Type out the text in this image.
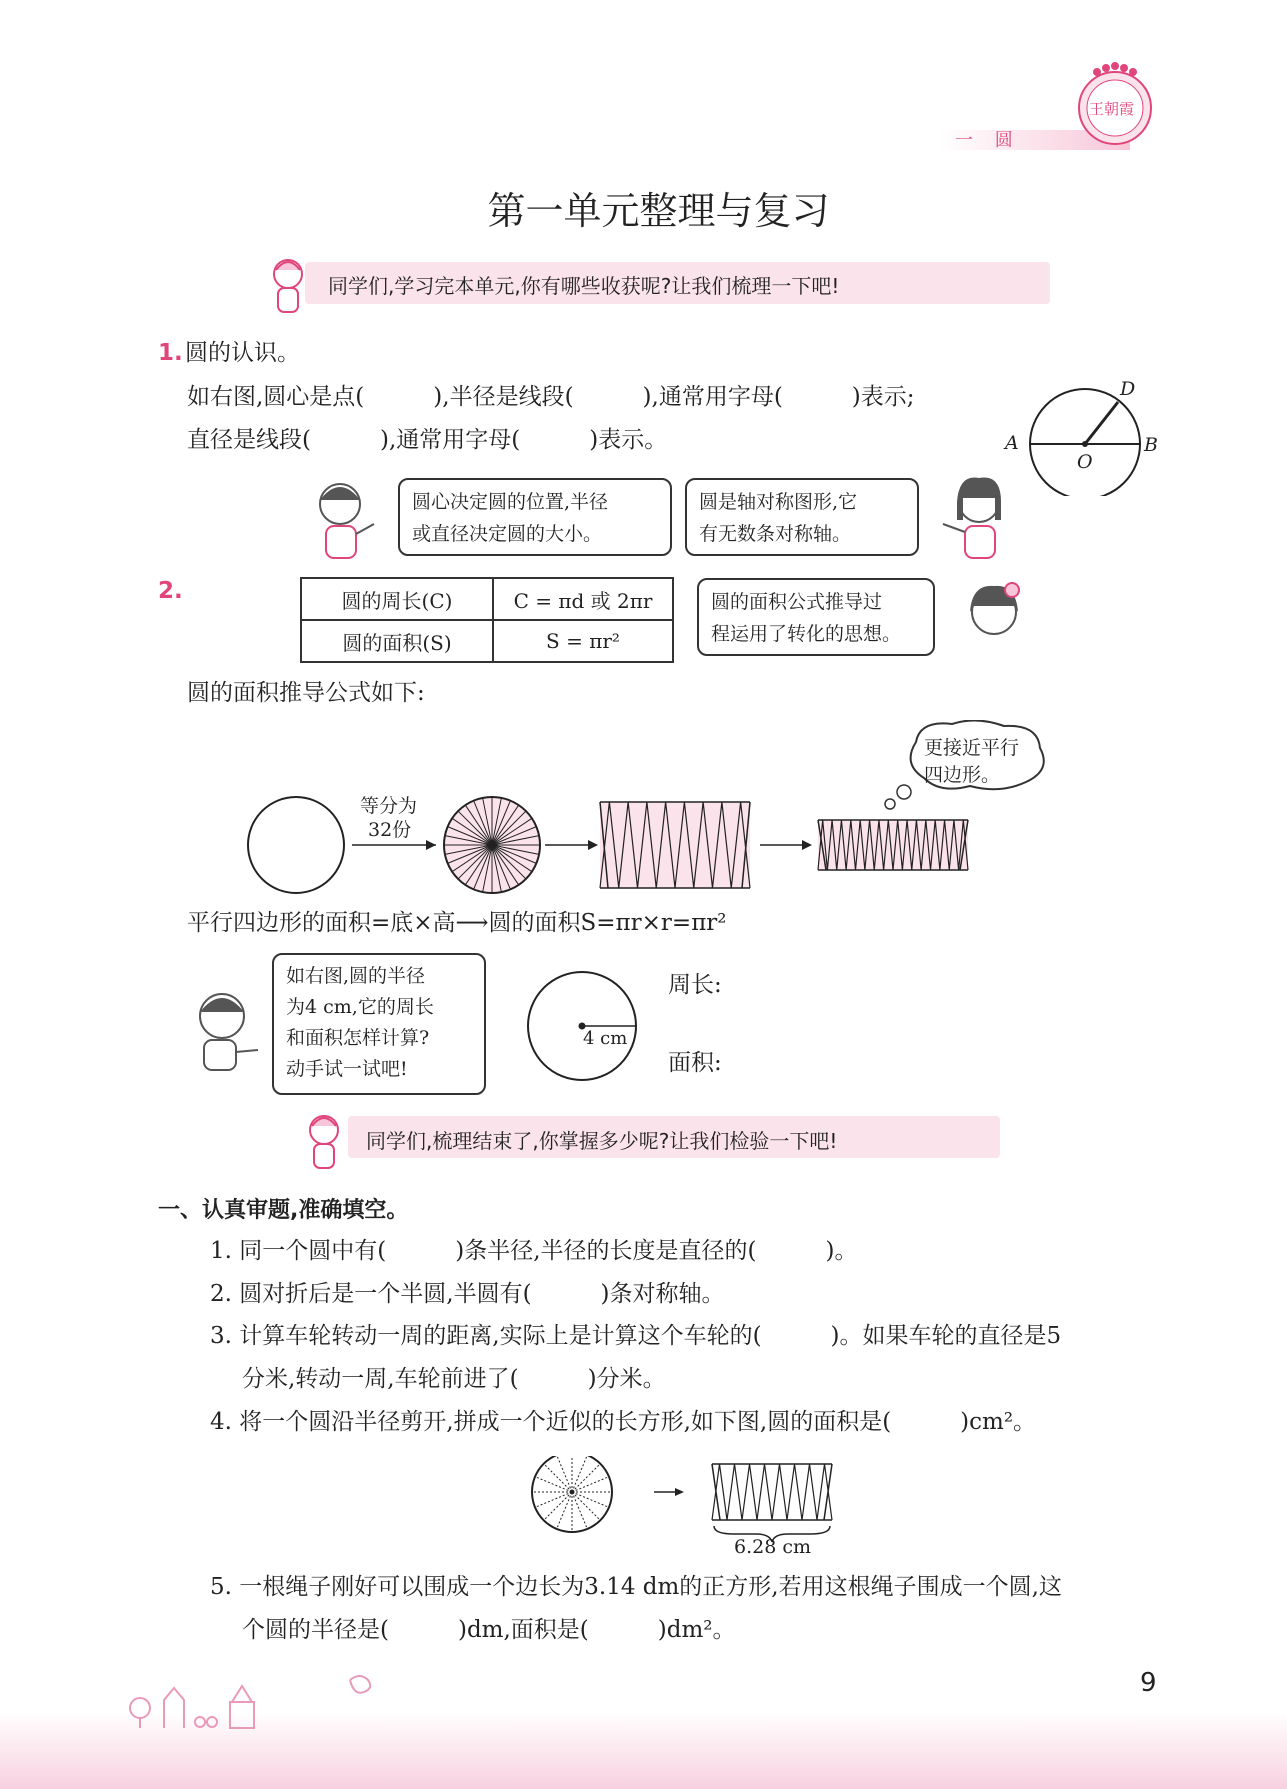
一 圆
王朝霞
第一单元整理与复习
同学们,学习完本单元,你有哪些收获呢?让我们梳理一下吧!
1. 圆的认识。
如右图,圆心是点(　　　),半径是线段(　　　),通常用字母(　　　)表示;
直径是线段(　　　),通常用字母(　　　)表示。	A	B
D
O
圆心决定圆的位置,半径
或直径决定圆的大小。
圆是轴对称图形,它
有无数条对称轴。
2.	圆的周长(C)	C = πd 或 2πr
圆的面积(S)	S = πr²
圆的面积公式推导过
程运用了转化的思想。
圆的面积推导公式如下:
等分为
32份
更接近平行
四边形。
平行四边形的面积=底×高⟶圆的面积S=πr×r=πr²
如右图,圆的半径
为4 cm,它的周长
和面积怎样计算?
动手试一试吧!
4 cm
周长:
面积:
同学们,梳理结束了,你掌握多少呢?让我们检验一下吧!
一、认真审题,准确填空。
1. 同一个圆中有(　　　)条半径,半径的长度是直径的(　　　)。
2. 圆对折后是一个半圆,半圆有(　　　)条对称轴。
3. 计算车轮转动一周的距离,实际上是计算这个车轮的(　　　)。如果车轮的直径是5
分米,转动一周,车轮前进了(　　　)分米。
4. 将一个圆沿半径剪开,拼成一个近似的长方形,如下图,圆的面积是(　　　)cm²。
6.28 cm
5. 一根绳子刚好可以围成一个边长为3.14 dm的正方形,若用这根绳子围成一个圆,这
个圆的半径是(　　　)dm,面积是(　　　)dm²。
9
